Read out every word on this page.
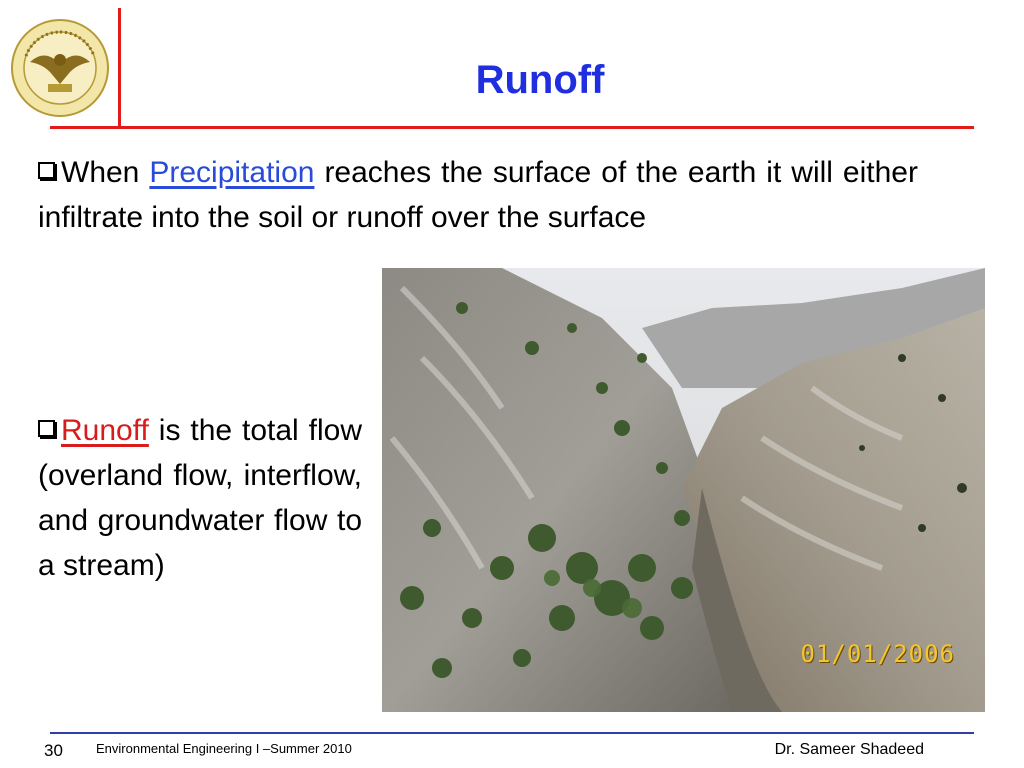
Runoff
When Precipitation reaches the surface of the earth it will either infiltrate into the soil or runoff over the surface
Runoff is the total flow (overland flow, interflow, and groundwater flow to a stream)
01/01/2006
30	Environmental Engineering I –Summer 2010	Dr. Sameer Shadeed
